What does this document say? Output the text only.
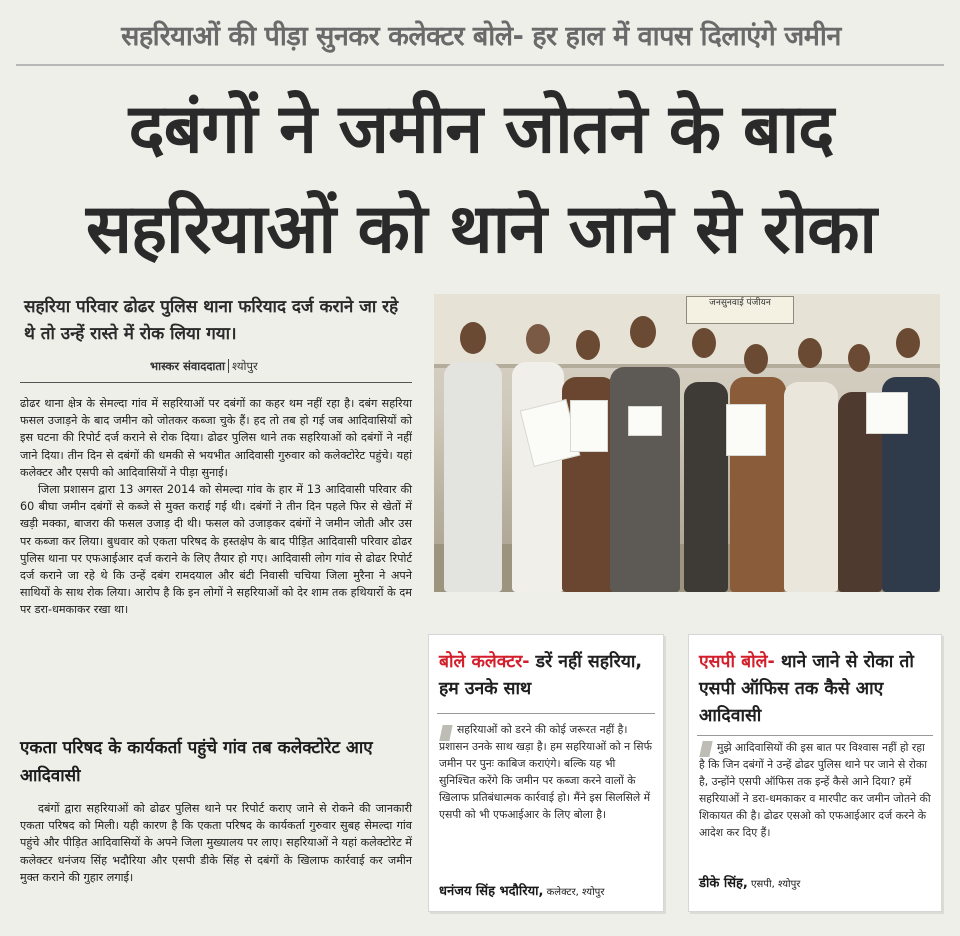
सहरियाओं की पीड़ा सुनकर कलेक्टर बोले- हर हाल में वापस दिलाएंगे जमीन
दबंगों ने जमीन जोतने के बाद
सहरियाओं को थाने जाने से रोका
सहरिया परिवार ढोढर पुलिस थाना फरियाद दर्ज कराने जा रहे थे तो उन्हें रास्ते में रोक लिया गया।
भास्कर संवाददाता श्योपुर

ढोढर थाना क्षेत्र के सेमल्दा गांव में सहरियाओं पर दबंगों का कहर थम नहीं रहा है। दबंग सहरिया फसल उजाड़ने के बाद जमीन को जोतकर कब्जा चुके हैं। हद तो तब हो गई जब आदिवासियों को इस घटना की रिपोर्ट दर्ज कराने से रोक दिया। ढोढर पुलिस थाने तक सहरियाओं को दबंगों ने नहीं जाने दिया। तीन दिन से दबंगों की धमकी से भयभीत आदिवासी गुरुवार को कलेक्टोरेट पहुंचे। यहां कलेक्टर और एसपी को आदिवासियों ने पीड़ा सुनाई।

जिला प्रशासन द्वारा 13 अगस्त 2014 को सेमल्दा गांव के हार में 13 आदिवासी परिवार की 60 बीघा जमीन दबंगों से कब्जे से मुक्त कराई गई थी। दबंगों ने तीन दिन पहले फिर से खेतों में खड़ी मक्का, बाजरा की फसल उजाड़ दी थी। फसल को उजाड़कर दबंगों ने जमीन जोती और उस पर कब्जा कर लिया। बुधवार को एकता परिषद के हस्तक्षेप के बाद पीड़ित आदिवासी परिवार ढोढर पुलिस थाना पर एफआईआर दर्ज कराने के लिए तैयार हो गए। आदिवासी लोग गांव से ढोढर रिपोर्ट दर्ज कराने जा रहे थे कि उन्हें दबंग रामदयाल और बंटी निवासी चचिया जिला मुरैना ने अपने साथियों के साथ रोक लिया। आरोप है कि इन लोगों ने सहरियाओं को देर शाम तक हथियारों के दम पर डरा-धमकाकर रखा था।

एकता परिषद के कार्यकर्ता पहुंचे गांव तब कलेक्टोरेट आए आदिवासी

दबंगों द्वारा सहरियाओं को ढोढर पुलिस थाने पर रिपोर्ट कराए जाने से रोकने की जानकारी एकता परिषद को मिली। यही कारण है कि एकता परिषद के कार्यकर्ता गुरुवार सुबह सेमल्दा गांव पहुंचे और पीड़ित आदिवासियों के अपने जिला मुख्यालय पर लाए। सहरियाओं ने यहां कलेक्टोरेट में कलेक्टर धनंजय सिंह भदौरिया और एसपी डीके सिंह से दबंगों के खिलाफ कार्रवाई कर जमीन मुक्त कराने की गुहार लगाई।

जनसुनवाई पंजीयन
बोले कलेक्टर- डरें नहीं सहरिया, हम उनके साथ
सहरियाओं को डरने की कोई जरूरत नहीं है। प्रशासन उनके साथ खड़ा है। हम सहरियाओं को न सिर्फ जमीन पर पुनः काबिज कराएंगे। बल्कि यह भी सुनिश्चित करेंगे कि जमीन पर कब्जा करने वालों के खिलाफ प्रतिबंधात्मक कार्रवाई हो। मैंने इस सिलसिले में एसपी को भी एफआईआर के लिए बोला है।
धनंजय सिंह भदौरिया, कलेक्टर, श्योपुर
एसपी बोले- थाने जाने से रोका तो एसपी ऑफिस तक कैसे आए आदिवासी
मुझे आदिवासियों की इस बात पर विश्वास नहीं हो रहा है कि जिन दबंगों ने उन्हें ढोढर पुलिस थाने पर जाने से रोका है, उन्होंने एसपी ऑफिस तक इन्हें कैसे आने दिया? हमें सहरियाओं ने डरा-धमकाकर व मारपीट कर जमीन जोतने की शिकायत की है। ढोढर एसओ को एफआईआर दर्ज करने के आदेश कर दिए हैं।
डीके सिंह, एसपी, श्योपुर
